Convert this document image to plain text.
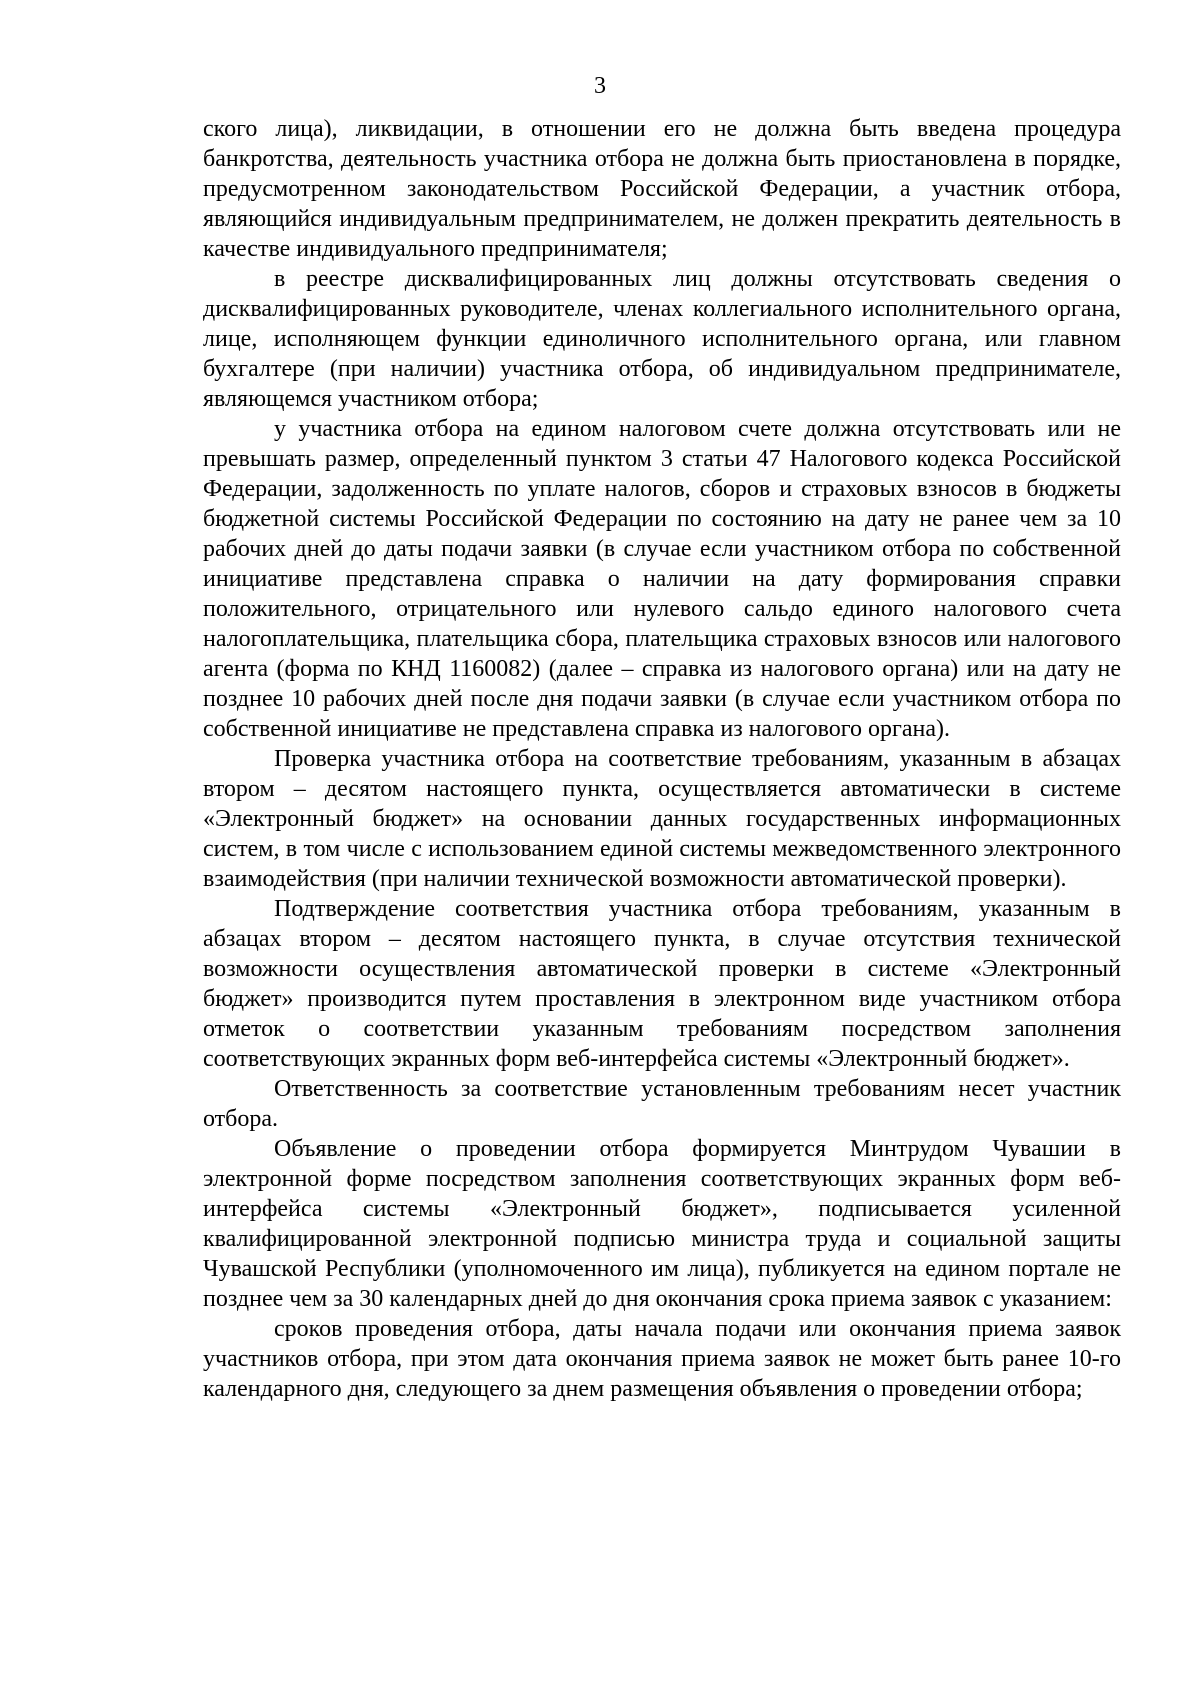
3

ского лица), ликвидации, в отношении его не должна быть введена процедура банкротства, деятельность участника отбора не должна быть приостановлена в порядке, предусмотренном законодательством Российской Федерации, а участник отбора, являющийся индивидуальным предпринимателем, не должен прекратить деятельность в качестве индивидуального предпринимателя;

в реестре дисквалифицированных лиц должны отсутствовать сведения о дисквалифицированных руководителе, членах коллегиального исполнительного органа, лице, исполняющем функции единоличного исполнительного органа, или главном бухгалтере (при наличии) участника отбора, об индивидуальном предпринимателе, являющемся участником отбора;

у участника отбора на едином налоговом счете должна отсутствовать или не превышать размер, определенный пунктом 3 статьи 47 Налогового кодекса Российской Федерации, задолженность по уплате налогов, сборов и страховых взносов в бюджеты бюджетной системы Российской Федерации по состоянию на дату не ранее чем за 10 рабочих дней до даты подачи заявки (в случае если участником отбора по собственной инициативе представлена справка о наличии на дату формирования справки положительного, отрицательного или нулевого сальдо единого налогового счета налогоплательщика, плательщика сбора, плательщика страховых взносов или налогового агента (форма по КНД 1160082) (далее – справка из налогового органа) или на дату не позднее 10 рабочих дней после дня подачи заявки (в случае если участником отбора по собственной инициативе не представлена справка из налогового органа).

Проверка участника отбора на соответствие требованиям, указанным в абзацах втором – десятом настоящего пункта, осуществляется автоматически в системе «Электронный бюджет» на основании данных государственных информационных систем, в том числе с использованием единой системы межведомственного электронного взаимодействия (при наличии технической возможности автоматической проверки).

Подтверждение соответствия участника отбора требованиям, указанным в абзацах втором – десятом настоящего пункта, в случае отсутствия технической возможности осуществления автоматической проверки в системе «Электронный бюджет» производится путем проставления в электронном виде участником отбора отметок о соответствии указанным требованиям посредством заполнения соответствующих экранных форм веб-интерфейса системы «Электронный бюджет».

Ответственность за соответствие установленным требованиям несет участник отбора.

Объявление о проведении отбора формируется Минтрудом Чувашии в электронной форме посредством заполнения соответствующих экранных форм веб-интерфейса системы «Электронный бюджет», подписывается усиленной квалифицированной электронной подписью министра труда и социальной защиты Чувашской Республики (уполномоченного им лица), публикуется на едином портале не позднее чем за 30 календарных дней до дня окончания срока приема заявок с указанием:

сроков проведения отбора, даты начала подачи или окончания приема заявок участников отбора, при этом дата окончания приема заявок не может быть ранее 10-го календарного дня, следующего за днем размещения объявления о проведении отбора;
